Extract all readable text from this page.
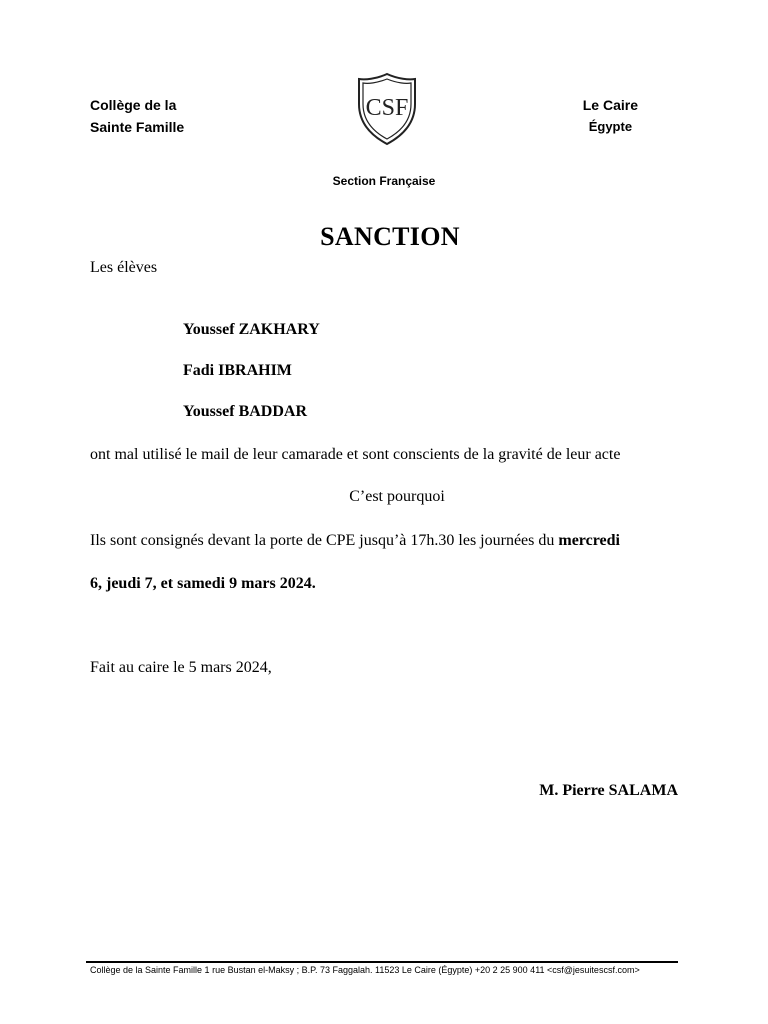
Collège de la
Sainte Famille
CSF	Le Caire
Égypte
Section Française
SANCTION
Les élèves
Youssef ZAKHARY
Fadi IBRAHIM
Youssef BADDAR
ont mal utilisé le mail de leur camarade et sont conscients de la gravité de leur acte
C’est pourquoi
Ils sont consignés devant la porte de CPE jusqu’à 17h.30 les journées du mercredi
6, jeudi 7, et samedi 9 mars 2024.
Fait au caire le 5 mars 2024,
M. Pierre SALAMA
Collège de la Sainte Famille 1 rue Bustan el-Maksy ; B.P. 73 Faggalah. 11523 Le Caire (Égypte) +20 2 25 900 411 <csf@jesuitescsf.com>
